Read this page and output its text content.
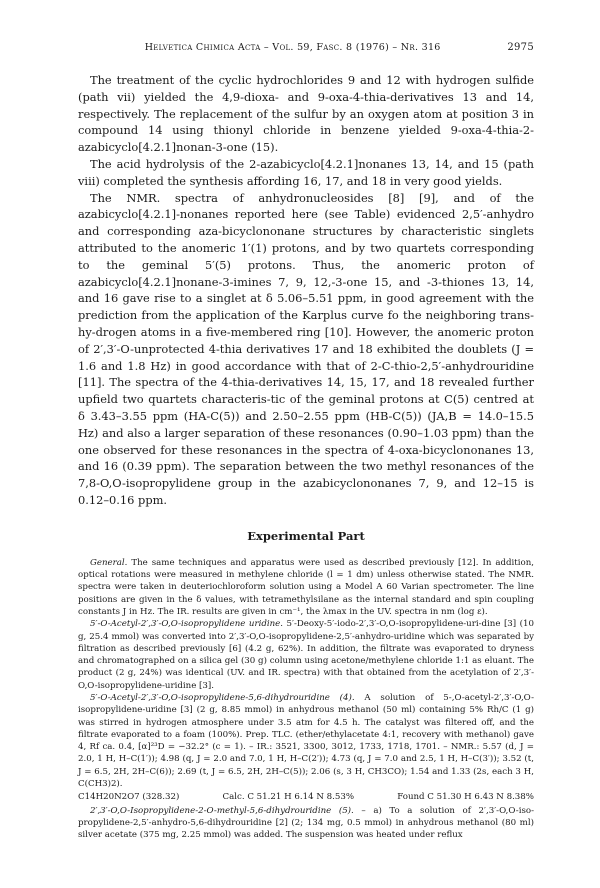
Helvetica Chimica Acta – Vol. 59, Fasc. 8 (1976) – Nr. 316	2975

The treatment of the cyclic hydrochlorides 9 and 12 with hydrogen sulfide (path vii) yielded the 4,9-dioxa- and 9-oxa-4-thia-derivatives 13 and 14, respectively. The replacement of the sulfur by an oxygen atom at position 3 in compound 14 using thionyl chloride in benzene yielded 9-oxa-4-thia-2-azabicyclo[4.2.1]nonan-3-one (15).

The acid hydrolysis of the 2-azabicyclo[4.2.1]nonanes 13, 14, and 15 (path viii) completed the synthesis affording 16, 17, and 18 in very good yields.

The NMR. spectra of anhydronucleosides [8] [9], and of the azabicyclo[4.2.1]-nonanes reported here (see Table) evidenced 2,5′-anhydro and corresponding aza-bicyclononane structures by characteristic singlets attributed to the anomeric 1′(1) protons, and by two quartets corresponding to the geminal 5′(5) protons. Thus, the anomeric proton of azabicyclo[4.2.1]nonane-3-imines 7, 9, 12,-3-one 15, and -3-thiones 13, 14, and 16 gave rise to a singlet at δ 5.06–5.51 ppm, in good agreement with the prediction from the application of the Karplus curve fo the neighboring trans-hy-drogen atoms in a five-membered ring [10]. However, the anomeric proton of 2′,3′-O-unprotected 4-thia derivatives 17 and 18 exhibited the doublets (J = 1.6 and 1.8 Hz) in good accordance with that of 2-C-thio-2,5′-anhydrouridine [11]. The spectra of the 4-thia-derivatives 14, 15, 17, and 18 revealed further upfield two quartets characteris-tic of the geminal protons at C(5) centred at δ 3.43–3.55 ppm (HA-C(5)) and 2.50–2.55 ppm (HB-C(5)) (JA,B = 14.0–15.5 Hz) and also a larger separation of these resonances (0.90–1.03 ppm) than the one observed for these resonances in the spectra of 4-oxa-bicyclononanes 13, and 16 (0.39 ppm). The separation between the two methyl resonances of the 7,8-O,O-isopropylidene group in the azabicyclononanes 7, 9, and 12–15 is 0.12–0.16 ppm.

Experimental Part

General. The same techniques and apparatus were used as described previously [12]. In addition, optical rotations were measured in methylene chloride (l = 1 dm) unless otherwise stated. The NMR. spectra were taken in deuteriochloroform solution using a Model A 60 Varian spectrometer. The line positions are given in the δ values, with tetramethylsilane as the internal standard and spin coupling constants J in Hz. The IR. results are given in cm⁻¹, the λmax in the UV. spectra in nm (log ε).

5′-O-Acetyl-2′,3′-O,O-isopropylidene uridine. 5′-Deoxy-5′-iodo-2′,3′-O,O-isopropylidene-uri-dine [3] (10 g, 25.4 mmol) was converted into 2′,3′-O,O-isopropylidene-2,5′-anhydro-uridine which was separated by filtration as described previously [6] (4.2 g, 62%). In addition, the filtrate was evaporated to dryness and chromatographed on a silica gel (30 g) column using acetone/methylene chloride 1:1 as eluant. The product (2 g, 24%) was identical (UV. and IR. spectra) with that obtained from the acetylation of 2′,3′-O,O-isopropylidene-uridine [3].

5′-O-Acetyl-2′,3′-O,O-isopropylidene-5,6-dihydrouridine (4). A solution of 5-,O-acetyl-2′,3′-O,O-isopropylidene-uridine [3] (2 g, 8.85 mmol) in anhydrous methanol (50 ml) containing 5% Rh/C (1 g) was stirred in hydrogen atmosphere under 3.5 atm for 4.5 h. The catalyst was filtered off, and the filtrate evaporated to a foam (100%). Prep. TLC. (ether/ethylacetate 4:1, recovery with methanol) gave 4, Rf ca. 0.4, [α]²³D = −32.2° (c = 1). – IR.: 3521, 3300, 3012, 1733, 1718, 1701. – NMR.: 5.57 (d, J = 2.0, 1 H, H–C(1′)); 4.98 (q, J = 2.0 and 7.0, 1 H, H–C(2′)); 4.73 (q, J = 7.0 and 2.5, 1 H, H–C(3′)); 3.52 (t, J = 6.5, 2H, 2H–C(6)); 2.69 (t, J = 6.5, 2H, 2H–C(5)); 2.06 (s, 3 H, CH3CO); 1.54 and 1.33 (2s, each 3 H, C(CH3)2).

C14H20N2O7 (328.32)	Calc. C 51.21 H 6.14 N 8.53%	Found C 51.30 H 6.43 N 8.38%

2′,3′-O,O-Isopropylidene-2-O-methyl-5,6-dihydrouridine (5). – a) To a solution of 2′,3′-O,O-iso-propylidene-2,5′-anhydro-5,6-dihydrouridine [2] (2; 134 mg, 0.5 mmol) in anhydrous methanol (80 ml) silver acetate (375 mg, 2.25 mmol) was added. The suspension was heated under reflux
